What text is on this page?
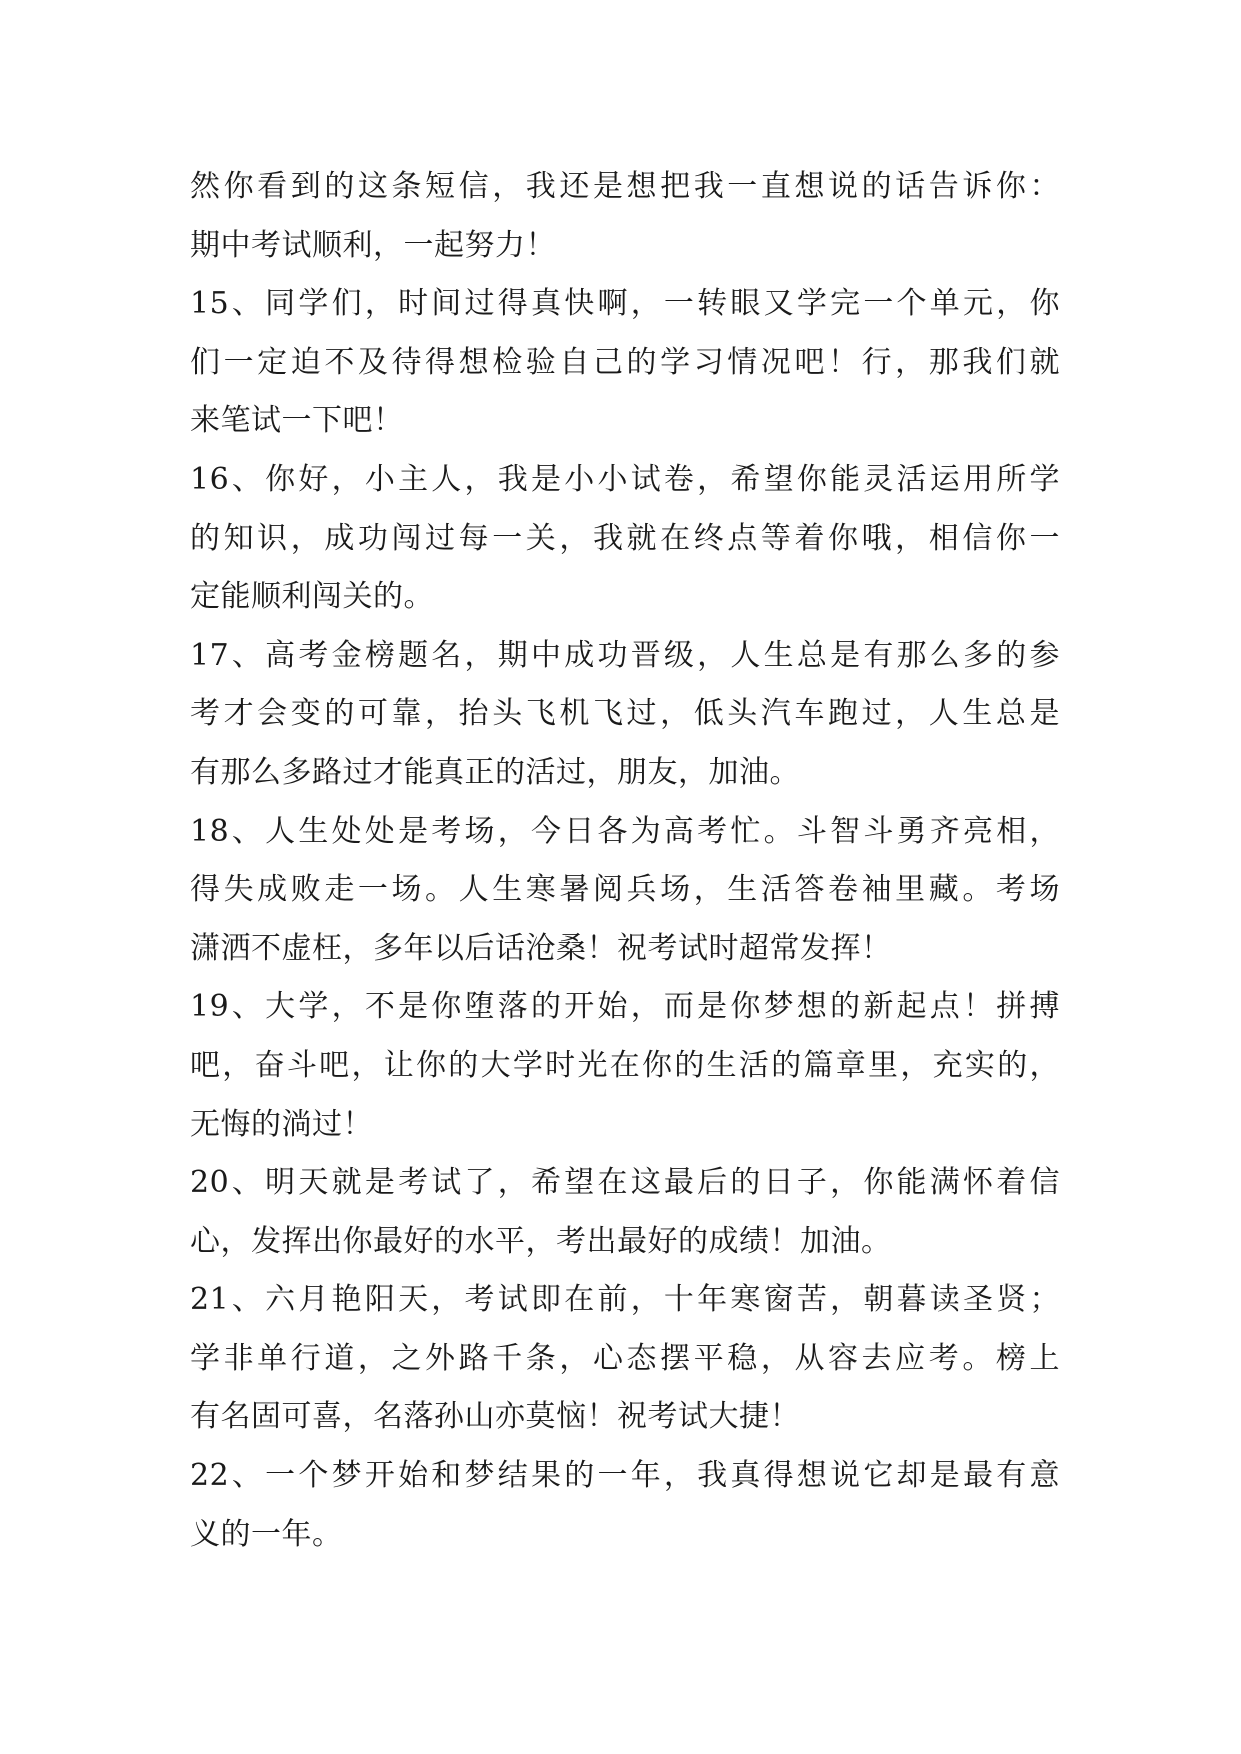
然你看到的这条短信，我还是想把我一直想说的话告诉你：
期中考试顺利，一起努力！
15、同学们，时间过得真快啊，一转眼又学完一个单元，你
们一定迫不及待得想检验自己的学习情况吧！行，那我们就
来笔试一下吧！
16、你好，小主人，我是小小试卷，希望你能灵活运用所学
的知识，成功闯过每一关，我就在终点等着你哦，相信你一
定能顺利闯关的。
17、高考金榜题名，期中成功晋级，人生总是有那么多的参
考才会变的可靠，抬头飞机飞过，低头汽车跑过，人生总是
有那么多路过才能真正的活过，朋友，加油。
18、人生处处是考场，今日各为高考忙。斗智斗勇齐亮相，
得失成败走一场。人生寒暑阅兵场，生活答卷袖里藏。考场
潇洒不虚枉，多年以后话沧桑！祝考试时超常发挥！
19、大学，不是你堕落的开始，而是你梦想的新起点！拼搏
吧，奋斗吧，让你的大学时光在你的生活的篇章里，充实的，
无悔的淌过！
20、明天就是考试了，希望在这最后的日子，你能满怀着信
心，发挥出你最好的水平，考出最好的成绩！加油。
21、六月艳阳天，考试即在前，十年寒窗苦，朝暮读圣贤；
学非单行道，之外路千条，心态摆平稳，从容去应考。榜上
有名固可喜，名落孙山亦莫恼！祝考试大捷！
22、一个梦开始和梦结果的一年，我真得想说它却是最有意
义的一年。
